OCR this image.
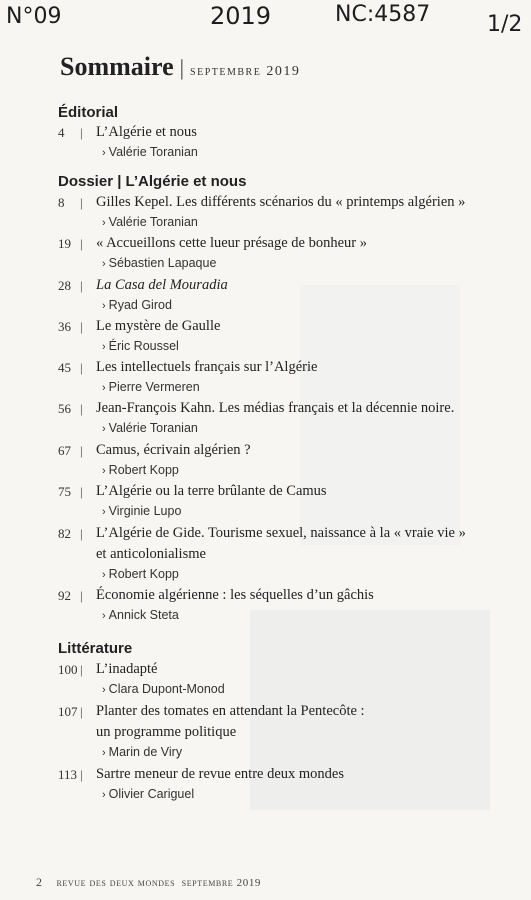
N°09	2019	NC:4587	1/2
Sommaire | septembre 2019
Éditorial
4	| L’Algérie et nous
› Valérie Toranian
Dossier | L’Algérie et nous
8	| Gilles Kepel. Les différents scénarios du « printemps algérien »
› Valérie Toranian
19 | « Accueillons cette lueur présage de bonheur »
› Sébastien Lapaque
28 | La Casa del Mouradia
› Ryad Girod
36 | Le mystère de Gaulle
› Éric Roussel
45 | Les intellectuels français sur l’Algérie
› Pierre Vermeren
56 | Jean-François Kahn. Les médias français et la décennie noire.
› Valérie Toranian
67 | Camus, écrivain algérien ?
› Robert Kopp
75 | L’Algérie ou la terre brûlante de Camus
› Virginie Lupo
82 | L’Algérie de Gide. Tourisme sexuel, naissance à la « vraie vie »
et anticolonialisme
› Robert Kopp
92 | Économie algérienne : les séquelles d’un gâchis
› Annick Steta
Littérature
100 | L’inadapté
› Clara Dupont-Monod
107 | Planter des tomates en attendant la Pentecôte :
un programme politique
› Marin de Viry
113 | Sartre meneur de revue entre deux mondes
› Olivier Cariguel
2 revue des deux mondes septembre 2019
